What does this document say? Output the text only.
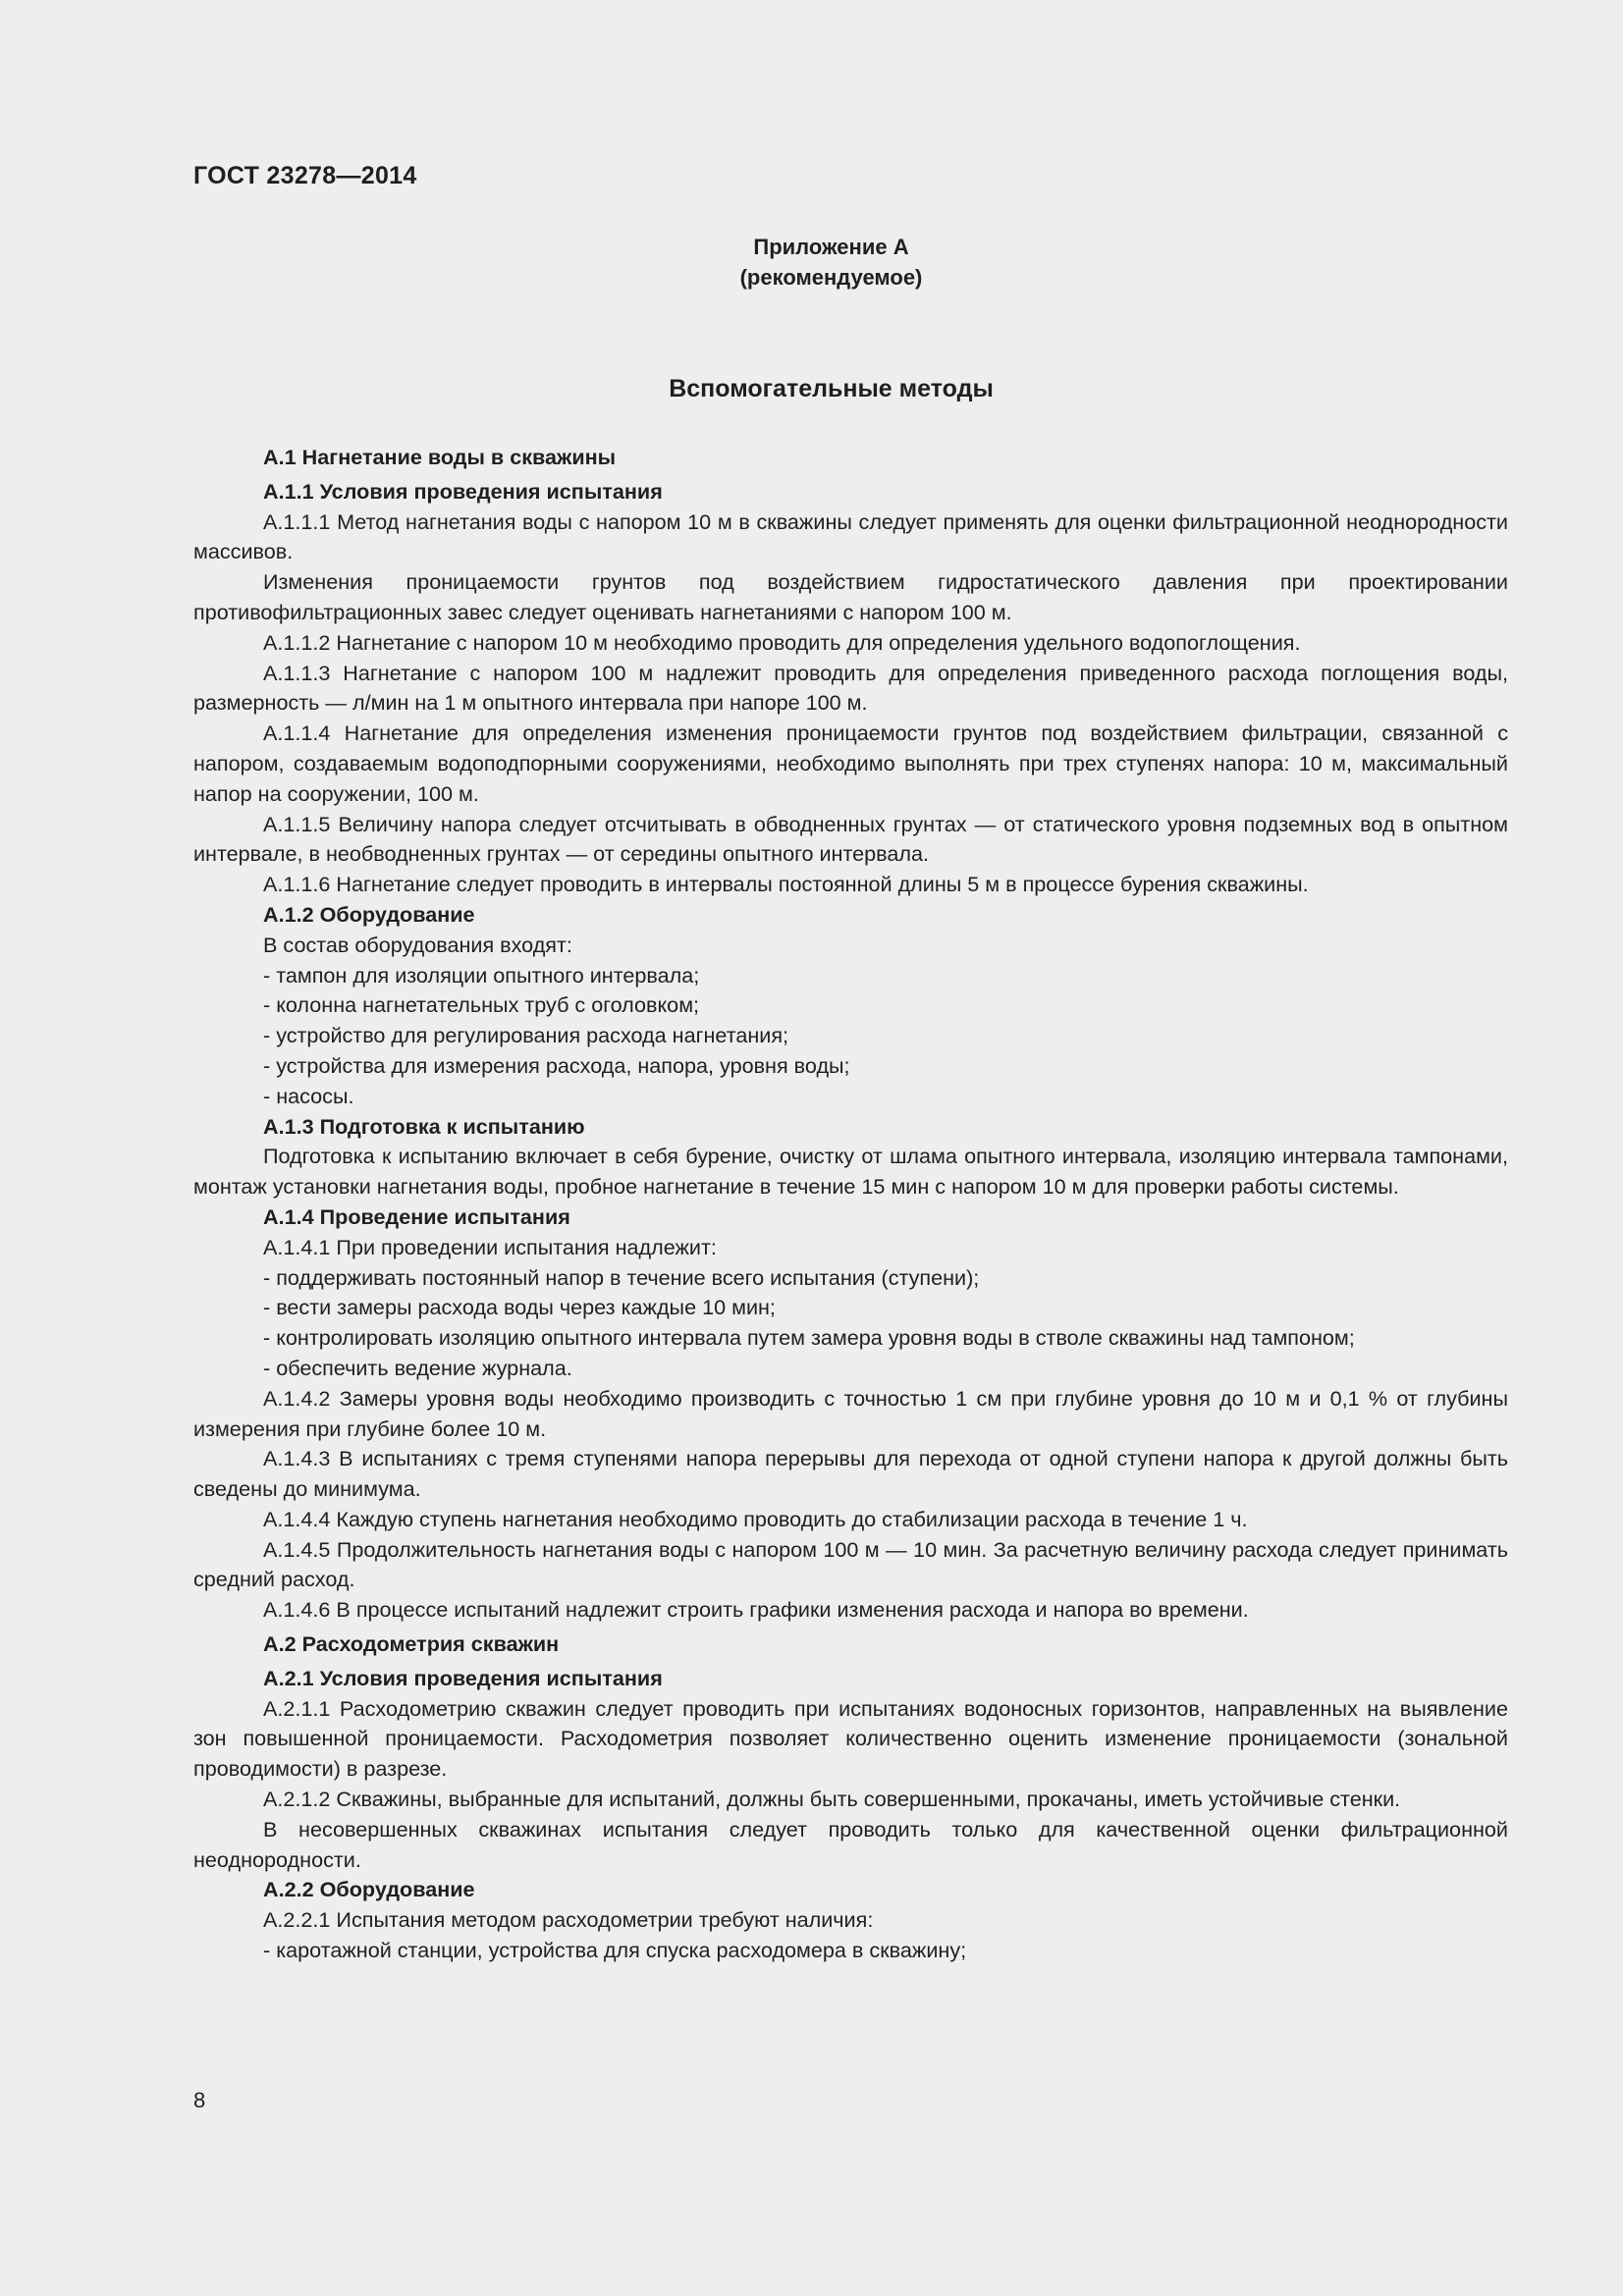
ГОСТ 23278—2014
Приложение А
(рекомендуемое)
Вспомогательные методы

А.1 Нагнетание воды в скважины

А.1.1 Условия проведения испытания

А.1.1.1 Метод нагнетания воды с напором 10 м в скважины следует применять для оценки фильтрационной неоднородности массивов.

Изменения проницаемости грунтов под воздействием гидростатического давления при проектировании противофильтрационных завес следует оценивать нагнетаниями с напором 100 м.

А.1.1.2 Нагнетание с напором 10 м необходимо проводить для определения удельного водопоглощения.

А.1.1.3 Нагнетание с напором 100 м надлежит проводить для определения приведенного расхода поглощения воды, размерность — л/мин на 1 м опытного интервала при напоре 100 м.

А.1.1.4 Нагнетание для определения изменения проницаемости грунтов под воздействием фильтрации, связанной с напором, создаваемым водоподпорными сооружениями, необходимо выполнять при трех ступенях напора: 10 м, максимальный напор на сооружении, 100 м.

А.1.1.5 Величину напора следует отсчитывать в обводненных грунтах — от статического уровня подземных вод в опытном интервале, в необводненных грунтах — от середины опытного интервала.

А.1.1.6 Нагнетание следует проводить в интервалы постоянной длины 5 м в процессе бурения скважины.

А.1.2 Оборудование

В состав оборудования входят:

- тампон для изоляции опытного интервала;

- колонна нагнетательных труб с оголовком;

- устройство для регулирования расхода нагнетания;

- устройства для измерения расхода, напора, уровня воды;

- насосы.

А.1.3 Подготовка к испытанию

Подготовка к испытанию включает в себя бурение, очистку от шлама опытного интервала, изоляцию интервала тампонами, монтаж установки нагнетания воды, пробное нагнетание в течение 15 мин с напором 10 м для проверки работы системы.

А.1.4 Проведение испытания

А.1.4.1 При проведении испытания надлежит:

- поддерживать постоянный напор в течение всего испытания (ступени);

- вести замеры расхода воды через каждые 10 мин;

- контролировать изоляцию опытного интервала путем замера уровня воды в стволе скважины над тампоном;

- обеспечить ведение журнала.

А.1.4.2 Замеры уровня воды необходимо производить с точностью 1 см при глубине уровня до 10 м и 0,1 % от глубины измерения при глубине более 10 м.

А.1.4.3 В испытаниях с тремя ступенями напора перерывы для перехода от одной ступени напора к другой должны быть сведены до минимума.

А.1.4.4 Каждую ступень нагнетания необходимо проводить до стабилизации расхода в течение 1 ч.

А.1.4.5 Продолжительность нагнетания воды с напором 100 м — 10 мин. За расчетную величину расхода следует принимать средний расход.

А.1.4.6 В процессе испытаний надлежит строить графики изменения расхода и напора во времени.

А.2 Расходометрия скважин

А.2.1 Условия проведения испытания

А.2.1.1 Расходометрию скважин следует проводить при испытаниях водоносных горизонтов, направленных на выявление зон повышенной проницаемости. Расходометрия позволяет количественно оценить изменение проницаемости (зональной проводимости) в разрезе.

А.2.1.2 Скважины, выбранные для испытаний, должны быть совершенными, прокачаны, иметь устойчивые стенки.

В несовершенных скважинах испытания следует проводить только для качественной оценки фильтрационной неоднородности.

А.2.2 Оборудование

А.2.2.1 Испытания методом расходометрии требуют наличия:

- каротажной станции, устройства для спуска расходомера в скважину;

8
